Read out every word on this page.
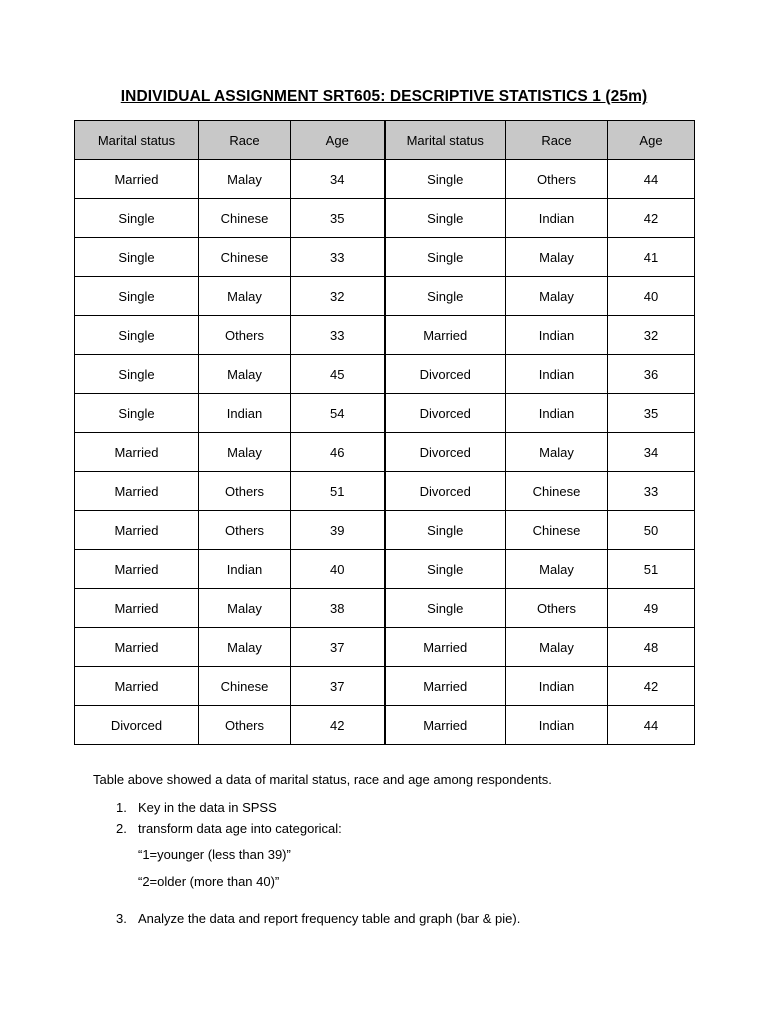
INDIVIDUAL ASSIGNMENT SRT605: DESCRIPTIVE STATISTICS 1 (25m)
Marital status	Race	Age	Marital status	Race	Age
Married	Malay	34	Single	Others	44
Single	Chinese	35	Single	Indian	42
Single	Chinese	33	Single	Malay	41
Single	Malay	32	Single	Malay	40
Single	Others	33	Married	Indian	32
Single	Malay	45	Divorced	Indian	36
Single	Indian	54	Divorced	Indian	35
Married	Malay	46	Divorced	Malay	34
Married	Others	51	Divorced	Chinese	33
Married	Others	39	Single	Chinese	50
Married	Indian	40	Single	Malay	51
Married	Malay	38	Single	Others	49
Married	Malay	37	Married	Malay	48
Married	Chinese	37	Married	Indian	42
Divorced	Others	42	Married	Indian	44
Table above showed a data of marital status, race and age among respondents.
1. Key in the data in SPSS
2. transform data age into categorical:
“1=younger (less than 39)”
“2=older (more than 40)”
3. Analyze the data and report frequency table and graph (bar & pie).
